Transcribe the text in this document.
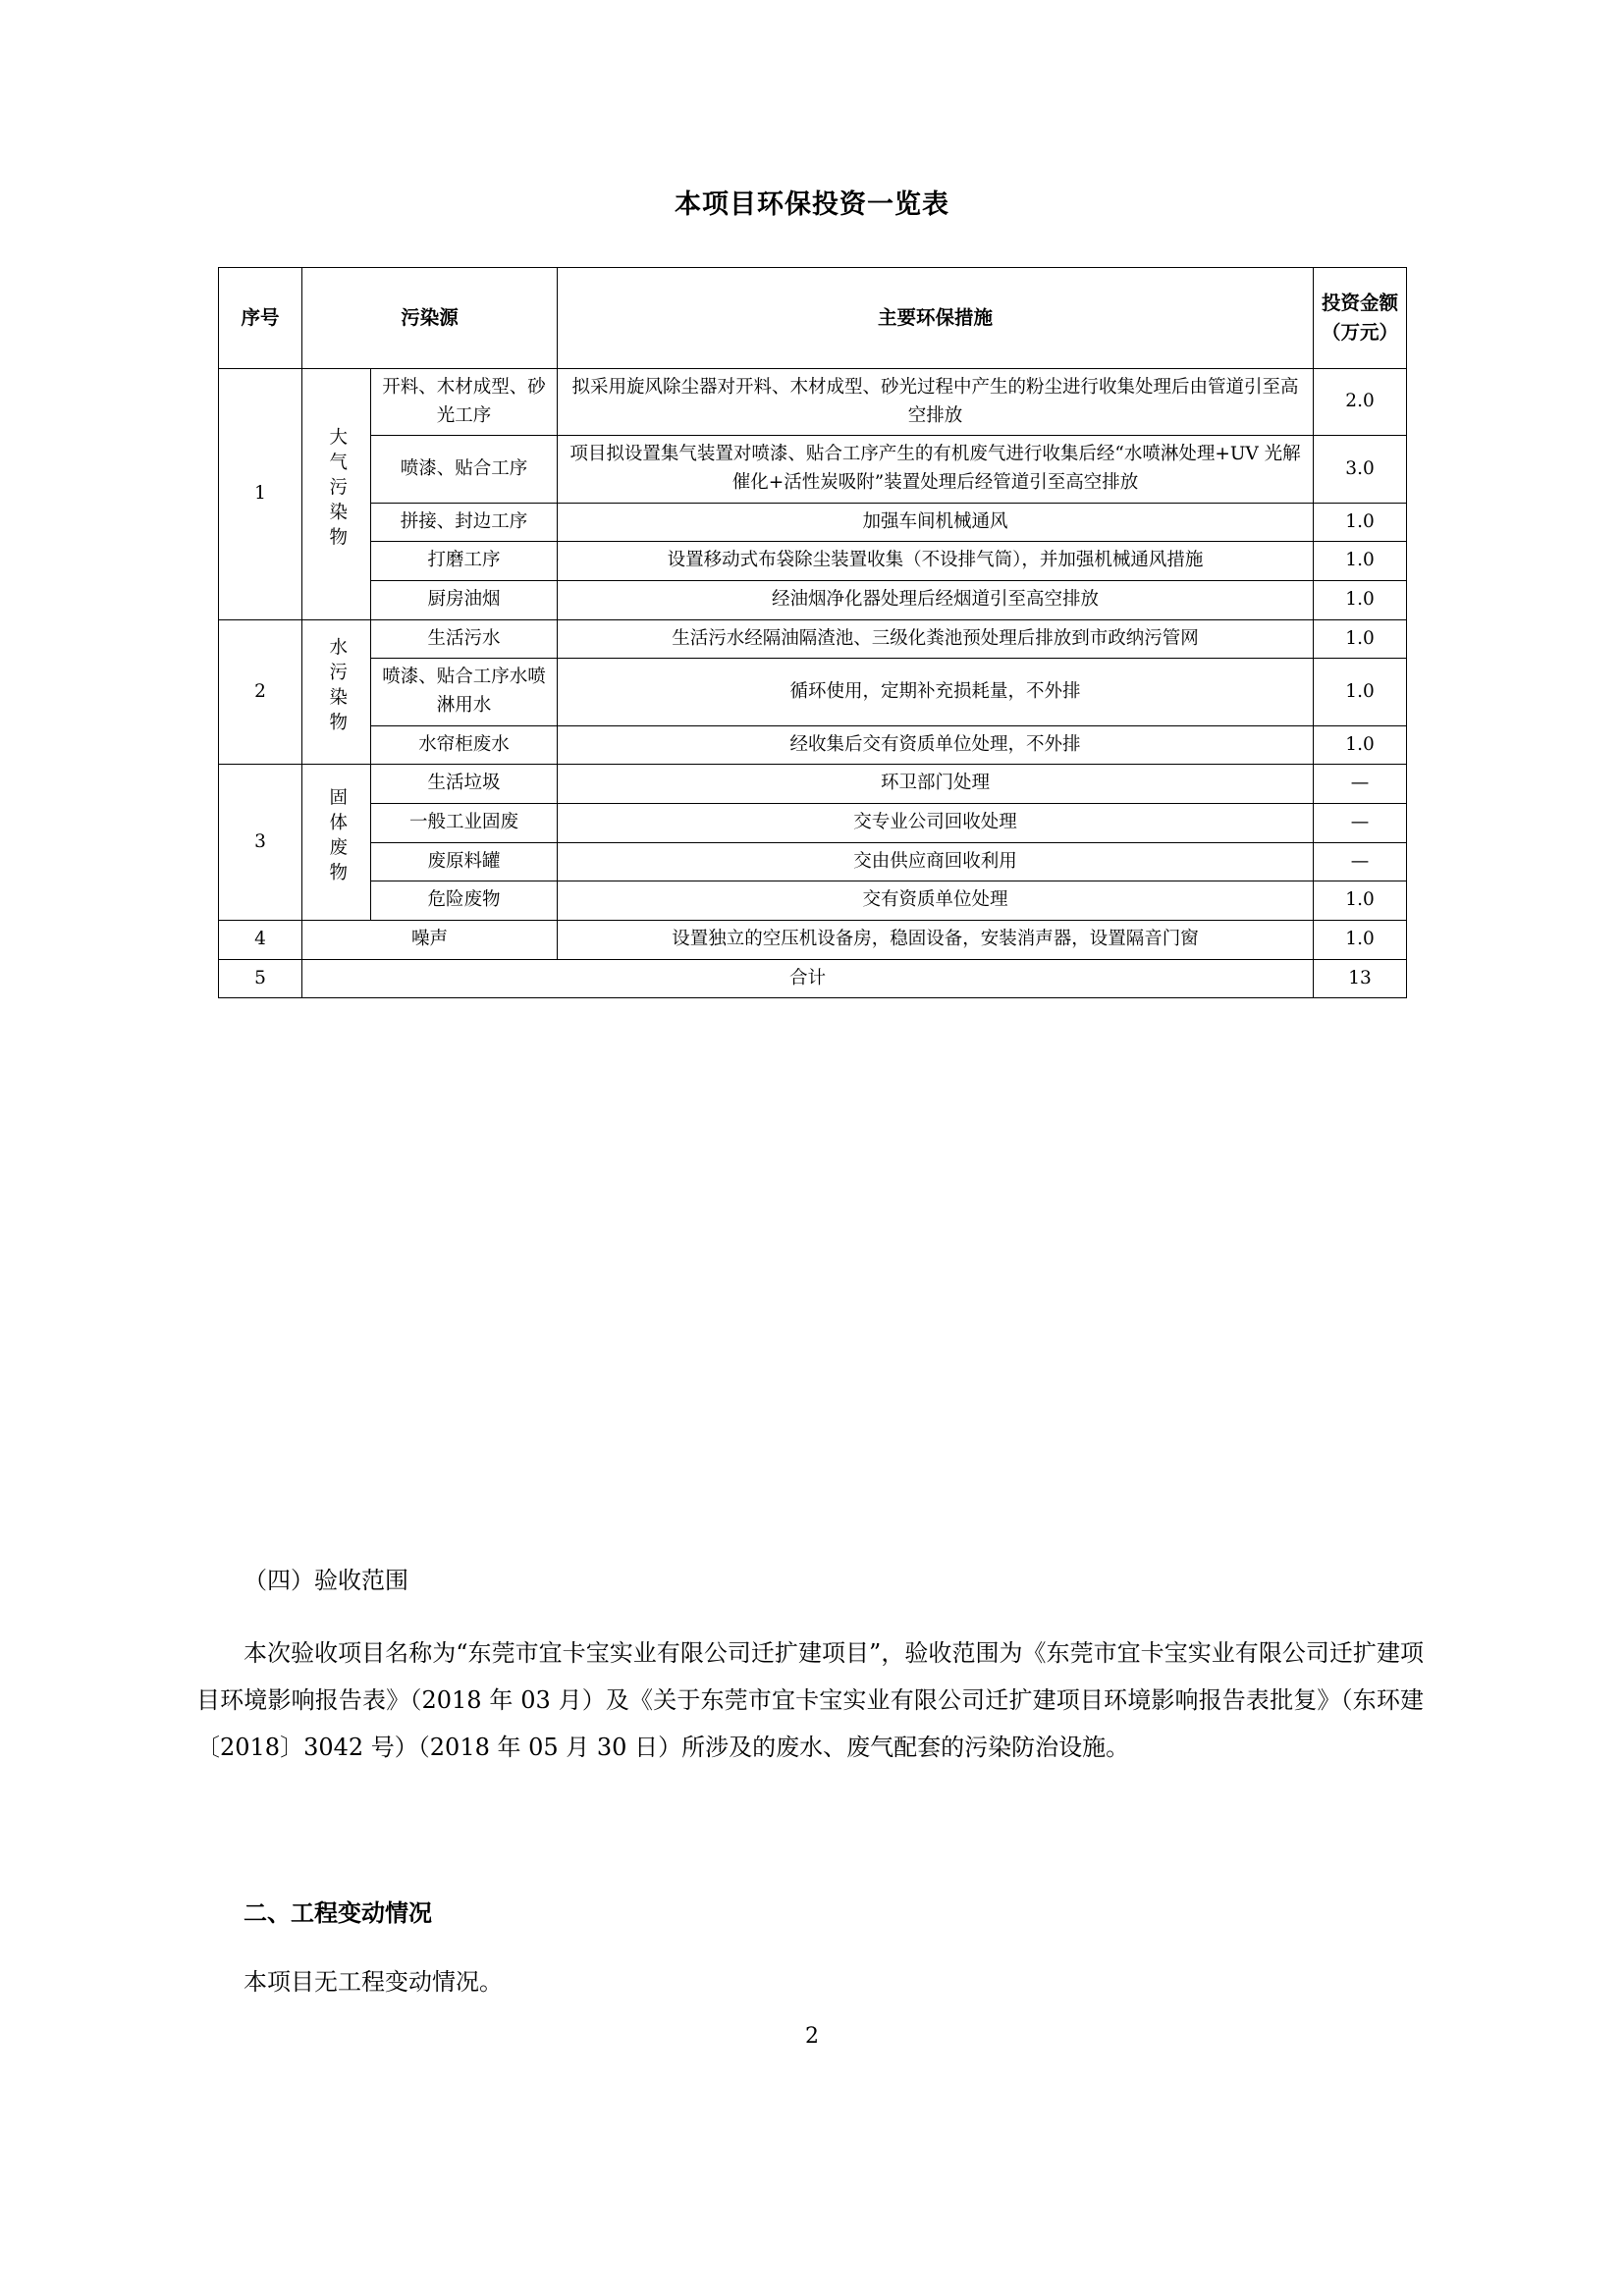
本项目环保投资一览表
序号	污染源		主要环保措施	投资金额（万元）
1	大气污染物	开料、木材成型、砂光工序	拟采用旋风除尘器对开料、木材成型、砂光过程中产生的粉尘进行收集处理后由管道引至高空排放	2.0
		喷漆、贴合工序	项目拟设置集气装置对喷漆、贴合工序产生的有机废气进行收集后经“水喷淋处理+UV 光解催化+活性炭吸附”装置处理后经管道引至高空排放	3.0
		拼接、封边工序	加强车间机械通风	1.0
		打磨工序	设置移动式布袋除尘装置收集（不设排气筒），并加强机械通风措施	1.0
		厨房油烟	经油烟净化器处理后经烟道引至高空排放	1.0
2	水污染物	生活污水	生活污水经隔油隔渣池、三级化粪池预处理后排放到市政纳污管网	1.0
		喷漆、贴合工序水喷淋用水	循环使用，定期补充损耗量，不外排	1.0
		水帘柜废水	经收集后交有资质单位处理，不外排	1.0
3	固体废物	生活垃圾	环卫部门处理	—
		一般工业固废	交专业公司回收处理	—
		废原料罐	交由供应商回收利用	—
		危险废物	交有资质单位处理	1.0
4	噪声		设置独立的空压机设备房，稳固设备，安装消声器，设置隔音门窗	1.0
5	合计			13
（四）验收范围
本次验收项目名称为“东莞市宜卡宝实业有限公司迁扩建项目”，验收范围为《东莞市宜卡宝实业有限公司迁扩建项目环境影响报告表》（2018 年 03 月）及《关于东莞市宜卡宝实业有限公司迁扩建项目环境影响报告表批复》（东环建〔2018〕3042 号）（2018 年 05 月 30 日）所涉及的废水、废气配套的污染防治设施。
二、工程变动情况
本项目无工程变动情况。
2
